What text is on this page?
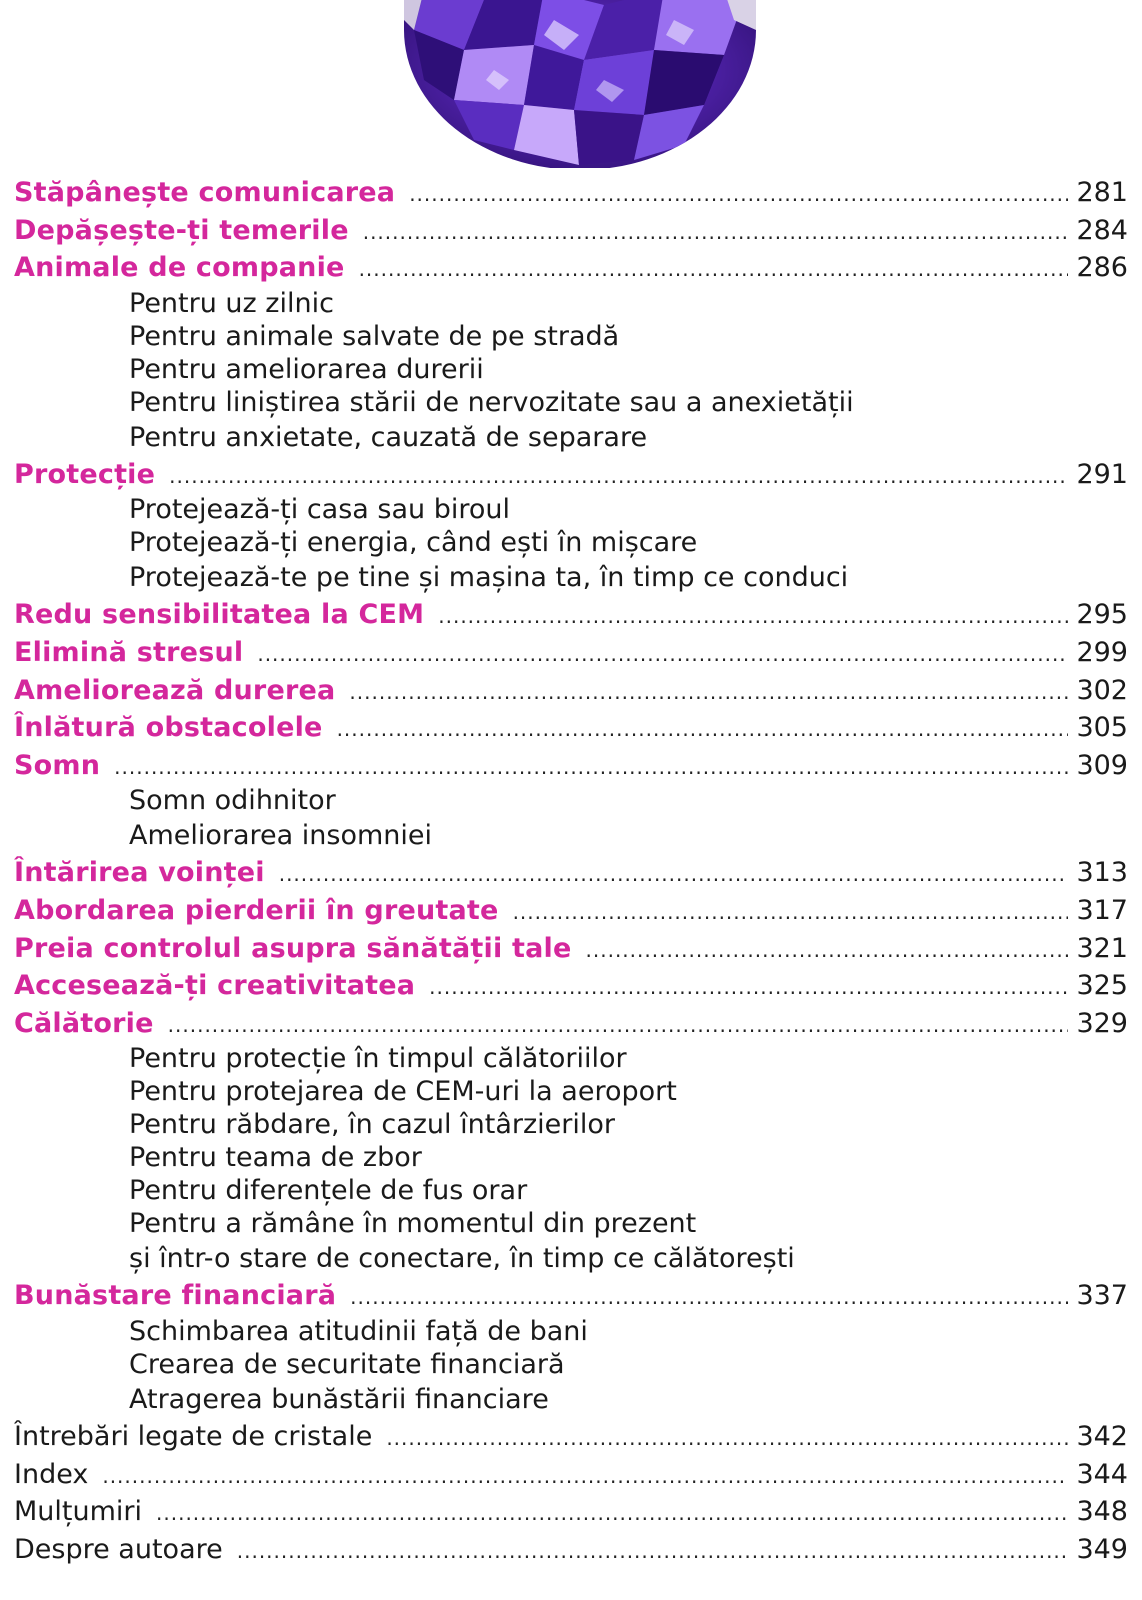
Stăpânește comunicarea .....	281
Depășește-ți temerile .....	284
Animale de companie .....	286
Pentru uz zilnic
Pentru animale salvate de pe stradă
Pentru ameliorarea durerii
Pentru liniștirea stării de nervozitate sau a anexietății
Pentru anxietate, cauzată de separare
Protecție .....	291
Protejează-ți casa sau biroul
Protejează-ți energia, când ești în mișcare
Protejează-te pe tine și mașina ta, în timp ce conduci
Redu sensibilitatea la CEM .....	295
Elimină stresul .....	299
Ameliorează durerea .....	302
Înlătură obstacolele .....	305
Somn .....	309
Somn odihnitor
Ameliorarea insomniei
Întărirea voinței .....	313
Abordarea pierderii în greutate .....	317
Preia controlul asupra sănătății tale .....	321
Accesează-ți creativitatea .....	325
Călătorie .....	329
Pentru protecție în timpul călătoriilor
Pentru protejarea de CEM-uri la aeroport
Pentru răbdare, în cazul întârzierilor
Pentru teama de zbor
Pentru diferențele de fus orar
Pentru a rămâne în momentul din prezent
și într-o stare de conectare, în timp ce călătorești
Bunăstare financiară .....	337
Schimbarea atitudinii față de bani
Crearea de securitate financiară
Atragerea bunăstării financiare
Întrebări legate de cristale .....	342
Index .....	344
Mulțumiri .....	348
Despre autoare .....	349
